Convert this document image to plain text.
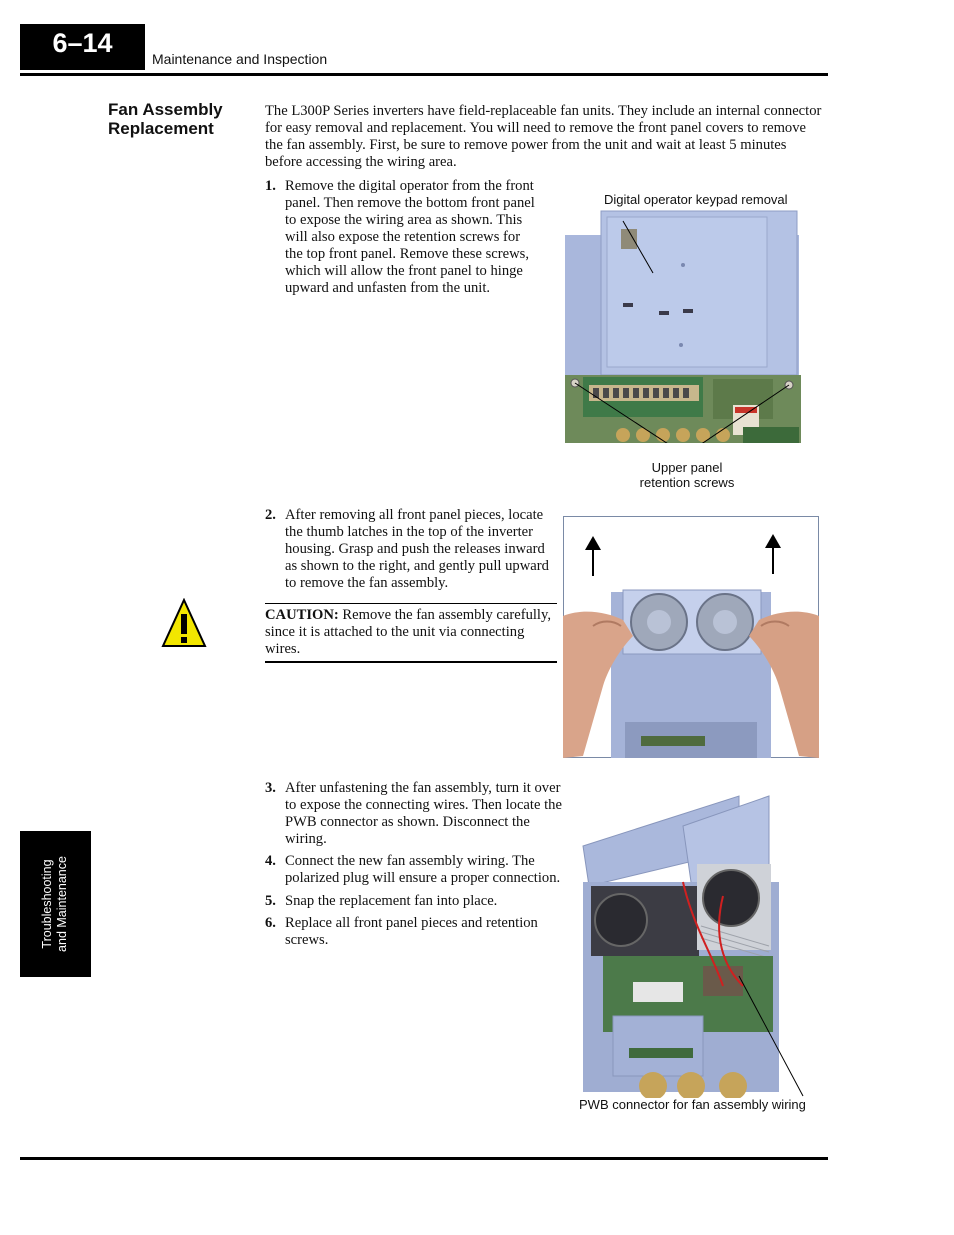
6–14
Maintenance and Inspection
Fan Assembly Replacement
The L300P Series inverters have field-replaceable fan units. They include an internal connector for easy removal and replacement. You will need to remove the front panel covers to remove the fan assembly. First, be sure to remove power from the unit and wait at least 5 minutes before accessing the wiring area.
1. Remove the digital operator from the front panel. Then remove the bottom front panel to expose the wiring area as shown. This will also expose the retention screws for the top front panel. Remove these screws, which will allow the front panel to hinge upward and unfasten from the unit.
Digital operator keypad removal
Upper panel
retention screws
2. After removing all front panel pieces, locate the thumb latches in the top of the inverter housing. Grasp and push the releases inward as shown to the right, and gently pull upward to remove the fan assembly.
CAUTION: Remove the fan assembly carefully, since it is attached to the unit via connecting wires.
3. After unfastening the fan assembly, turn it over to expose the connecting wires. Then locate the PWB connector as shown. Disconnect the wiring.
4. Connect the new fan assembly wiring. The polarized plug will ensure a proper connection.
5. Snap the replacement fan into place.
6. Replace all front panel pieces and retention screws.
PWB connector for fan assembly wiring
Troubleshooting and Maintenance
